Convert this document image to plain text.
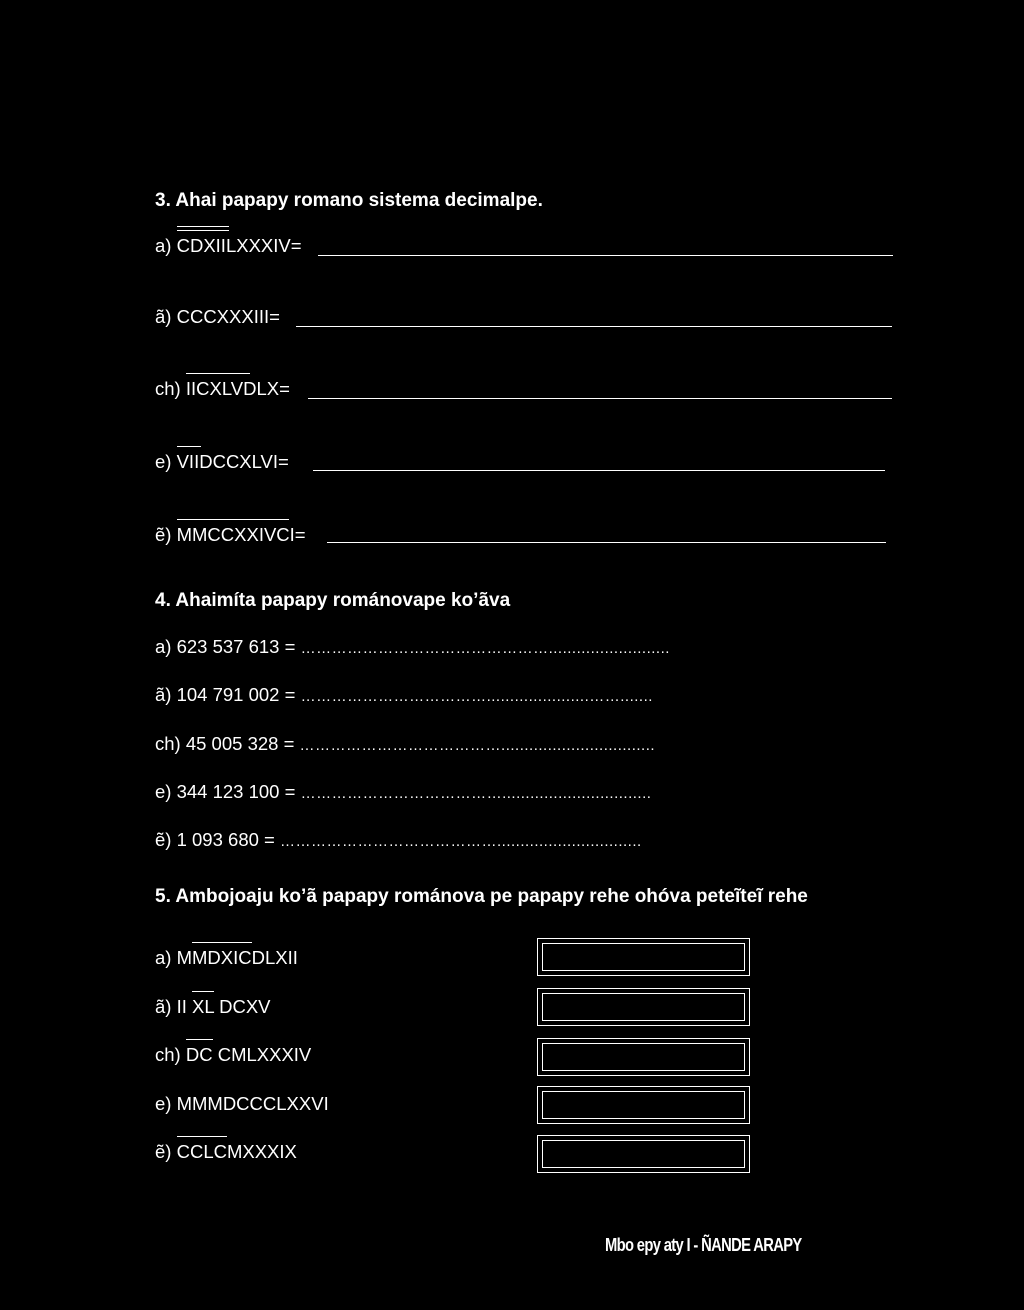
3. Ahai papapy romano sistema decimalpe.
a) CDXIILXXXIV=
ã) CCCXXXIII=
ch) IICXLVDLX=
e) VIIDCCXLVI=
ẽ) MMCCXXIVCI=
4. Ahaimíta papapy románovape ko’ãva
a) 623 537 613 = …………………………………………..........................
ã) 104 791 002 = ………………………………......................…….......
ch) 45 005 328 = ………………………………….................................
e) 344 123 100 = …………………………………................................
ẽ) 1 093 680 = ……………………………………...............................
5. Ambojoaju ko’ã papapy románova pe papapy rehe ohóva peteĩteĩ rehe
a) M
MDXICDLXII
ã) II
XL DCXV
ch) DC CMLXXXIV
e) MMMDCCCLXXVI
ẽ) CCLCMXXXIX
Mbo epy aty I - ÑANDE ARAPY
